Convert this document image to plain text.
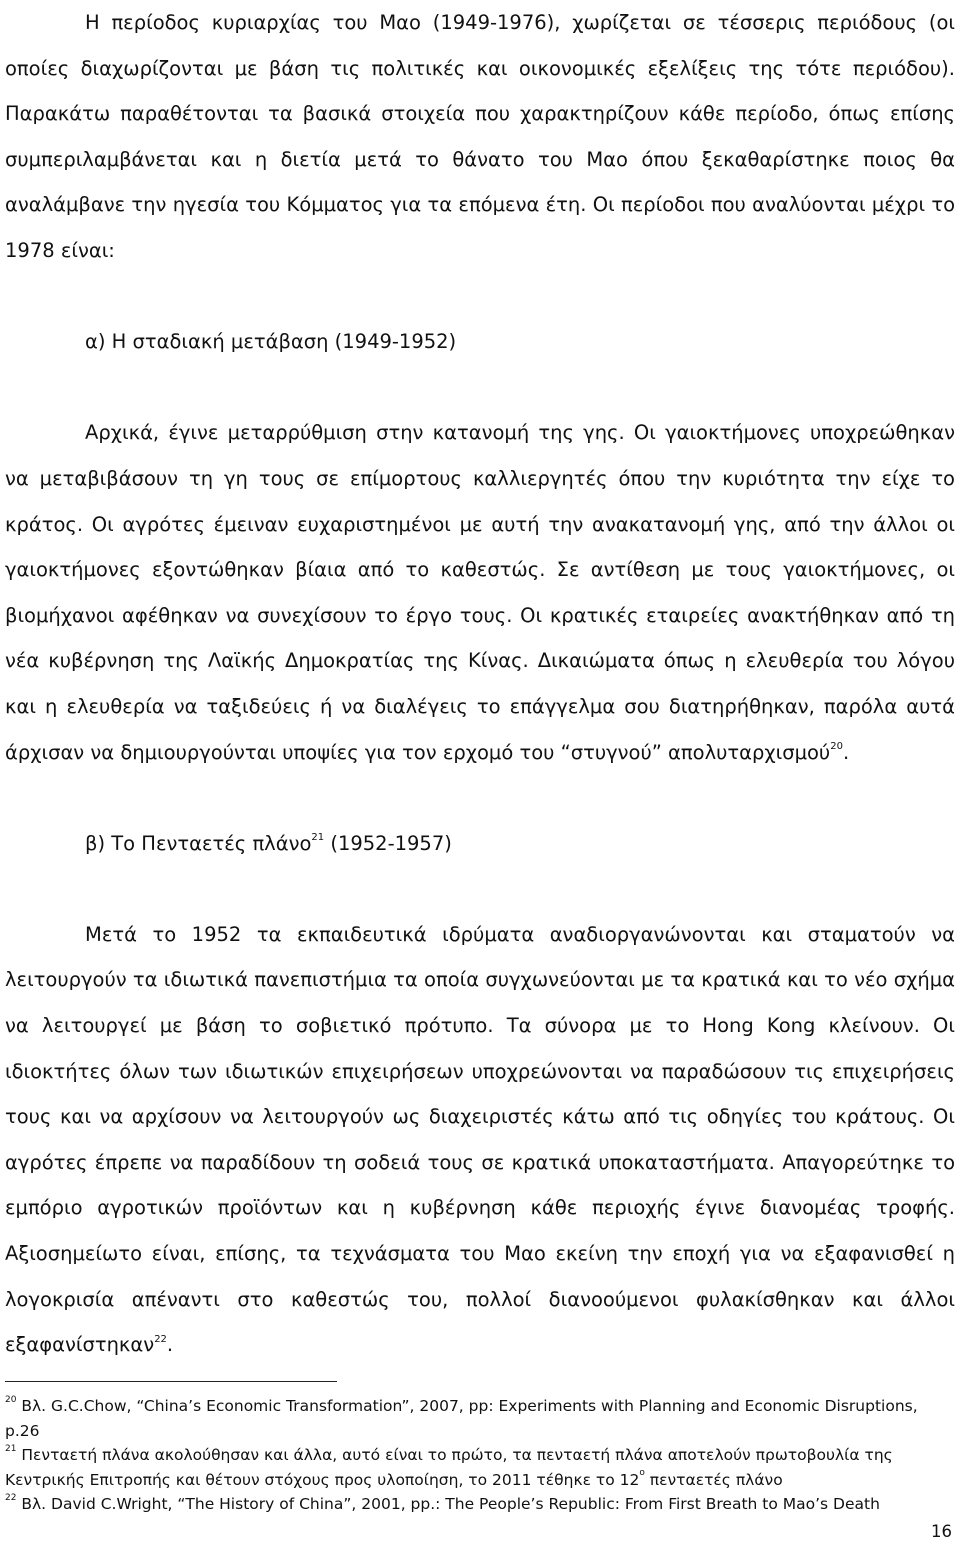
Η περίοδος κυριαρχίας του Μαο (1949-1976), χωρίζεται σε τέσσερις περιόδους (οι οποίες διαχωρίζονται με βάση τις πολιτικές και οικονομικές εξελίξεις της τότε περιόδου). Παρακάτω παραθέτονται τα βασικά στοιχεία που χαρακτηρίζουν κάθε περίοδο, όπως επίσης συμπεριλαμβάνεται και η διετία μετά το θάνατο του Μαο όπου ξεκαθαρίστηκε ποιος θα αναλάμβανε την ηγεσία του Κόμματος για τα επόμενα έτη. Οι περίοδοι που αναλύονται μέχρι το 1978 είναι:

α) Η σταδιακή μετάβαση (1949-1952)

Αρχικά, έγινε μεταρρύθμιση στην κατανομή της γης. Οι γαιοκτήμονες υποχρεώθηκαν να μεταβιβάσουν τη γη τους σε επίμορτους καλλιεργητές όπου την κυριότητα την είχε το κράτος. Οι αγρότες έμειναν ευχαριστημένοι με αυτή την ανακατανομή γης, από την άλλοι οι γαιοκτήμονες εξοντώθηκαν βίαια από το καθεστώς. Σε αντίθεση με τους γαιοκτήμονες, οι βιομήχανοι αφέθηκαν να συνεχίσουν το έργο τους. Οι κρατικές εταιρείες ανακτήθηκαν από τη νέα κυβέρνηση της Λαϊκής Δημοκρατίας της Κίνας. Δικαιώματα όπως η ελευθερία του λόγου και η ελευθερία να ταξιδεύεις ή να διαλέγεις το επάγγελμα σου διατηρήθηκαν, παρόλα αυτά άρχισαν να δημιουργούνται υποψίες για τον ερχομό του “στυγνού” απολυταρχισμού$^{20}$.

β) Το Πενταετές πλάνο$^{21}$ (1952-1957)

Μετά το 1952 τα εκπαιδευτικά ιδρύματα αναδιοργανώνονται και σταματούν να λειτουργούν τα ιδιωτικά πανεπιστήμια τα οποία συγχωνεύονται με τα κρατικά και το νέο σχήμα να λειτουργεί με βάση το σοβιετικό πρότυπο. Τα σύνορα με το Hong Kong κλείνουν. Οι ιδιοκτήτες όλων των ιδιωτικών επιχειρήσεων υποχρεώνονται να παραδώσουν τις επιχειρήσεις τους και να αρχίσουν να λειτουργούν ως διαχειριστές κάτω από τις οδηγίες του κράτους. Οι αγρότες έπρεπε να παραδίδουν τη σοδειά τους σε κρατικά υποκαταστήματα. Απαγορεύτηκε το εμπόριο αγροτικών προϊόντων και η κυβέρνηση κάθε περιοχής έγινε διανομέας τροφής. Αξιοσημείωτο είναι, επίσης, τα τεχνάσματα του Μαο εκείνη την εποχή για να εξαφανισθεί η λογοκρισία απέναντι στο καθεστώς του, πολλοί διανοούμενοι φυλακίσθηκαν και άλλοι εξαφανίστηκαν$^{22}$.

$^{20}$ Βλ. G.C.Chow, “China’s Economic Transformation”, 2007, pp: Experiments with Planning and Economic Disruptions, p.26

$^{21}$ Πενταετή πλάνα ακολούθησαν και άλλα, αυτό είναι το πρώτο, τα πενταετή πλάνα αποτελούν πρωτοβουλία της Κεντρικής Επιτροπής και θέτουν στόχους προς υλοποίηση, το 2011 τέθηκε το $12^o$ πενταετές πλάνο

$^{22}$ Βλ. David C.Wright, “The History of China”, 2001, pp.: The People’s Republic: From First Breath to Mao’s Death

16
